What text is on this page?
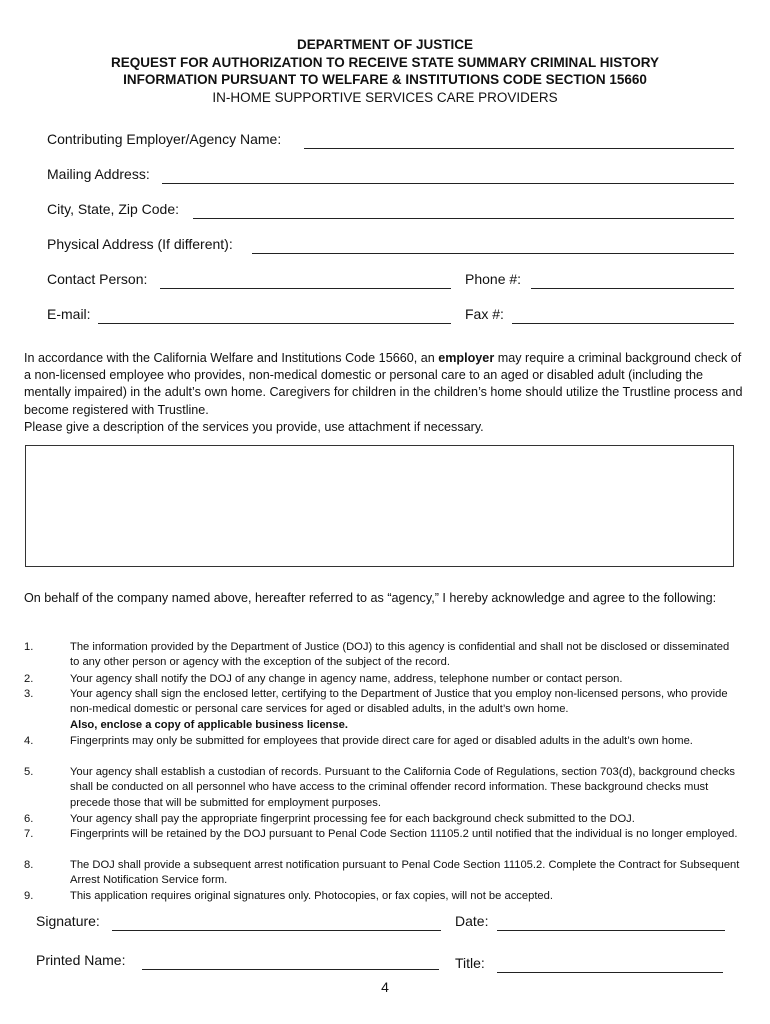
DEPARTMENT OF JUSTICE
REQUEST FOR AUTHORIZATION TO RECEIVE STATE SUMMARY CRIMINAL HISTORY
INFORMATION PURSUANT TO WELFARE & INSTITUTIONS CODE SECTION 15660
IN-HOME SUPPORTIVE SERVICES CARE PROVIDERS
Contributing Employer/Agency Name:
Mailing Address:
City, State, Zip Code:
Physical Address (If different):
Contact Person:	Phone #:
E-mail:	Fax #:
In accordance with the California Welfare and Institutions Code 15660, an employer may require a criminal background check of a non-licensed employee who provides, non-medical domestic or personal care to an aged or disabled adult (including the mentally impaired) in the adult’s own home. Caregivers for children in the children’s home should utilize the Trustline process and become registered with Trustline.
Please give a description of the services you provide, use attachment if necessary.
On behalf of the company named above, hereafter referred to as “agency,” I hereby acknowledge and agree to the following:
1.	The information provided by the Department of Justice (DOJ) to this agency is confidential and shall not be disclosed or disseminated to any other person or agency with the exception of the subject of the record.
2.	Your agency shall notify the DOJ of any change in agency name, address, telephone number or contact person.
3.	Your agency shall sign the enclosed letter, certifying to the Department of Justice that you employ non-licensed persons, who provide non-medical domestic or personal care services for aged or disabled adults, in the adult’s own home.
Also, enclose a copy of applicable business license.
4.	Fingerprints may only be submitted for employees that provide direct care for aged or disabled adults in the adult’s own home.
5.	Your agency shall establish a custodian of records. Pursuant to the California Code of Regulations, section 703(d), background checks shall be conducted on all personnel who have access to the criminal offender record information. These background checks must precede those that will be submitted for employment purposes.
6.	Your agency shall pay the appropriate fingerprint processing fee for each background check submitted to the DOJ.
7.	Fingerprints will be retained by the DOJ pursuant to Penal Code Section 11105.2 until notified that the individual is no longer employed.
8.	The DOJ shall provide a subsequent arrest notification pursuant to Penal Code Section 11105.2. Complete the Contract for Subsequent Arrest Notification Service form.
9.	This application requires original signatures only. Photocopies, or fax copies, will not be accepted.
Signature:	Date:
Printed Name:	Title:
4
